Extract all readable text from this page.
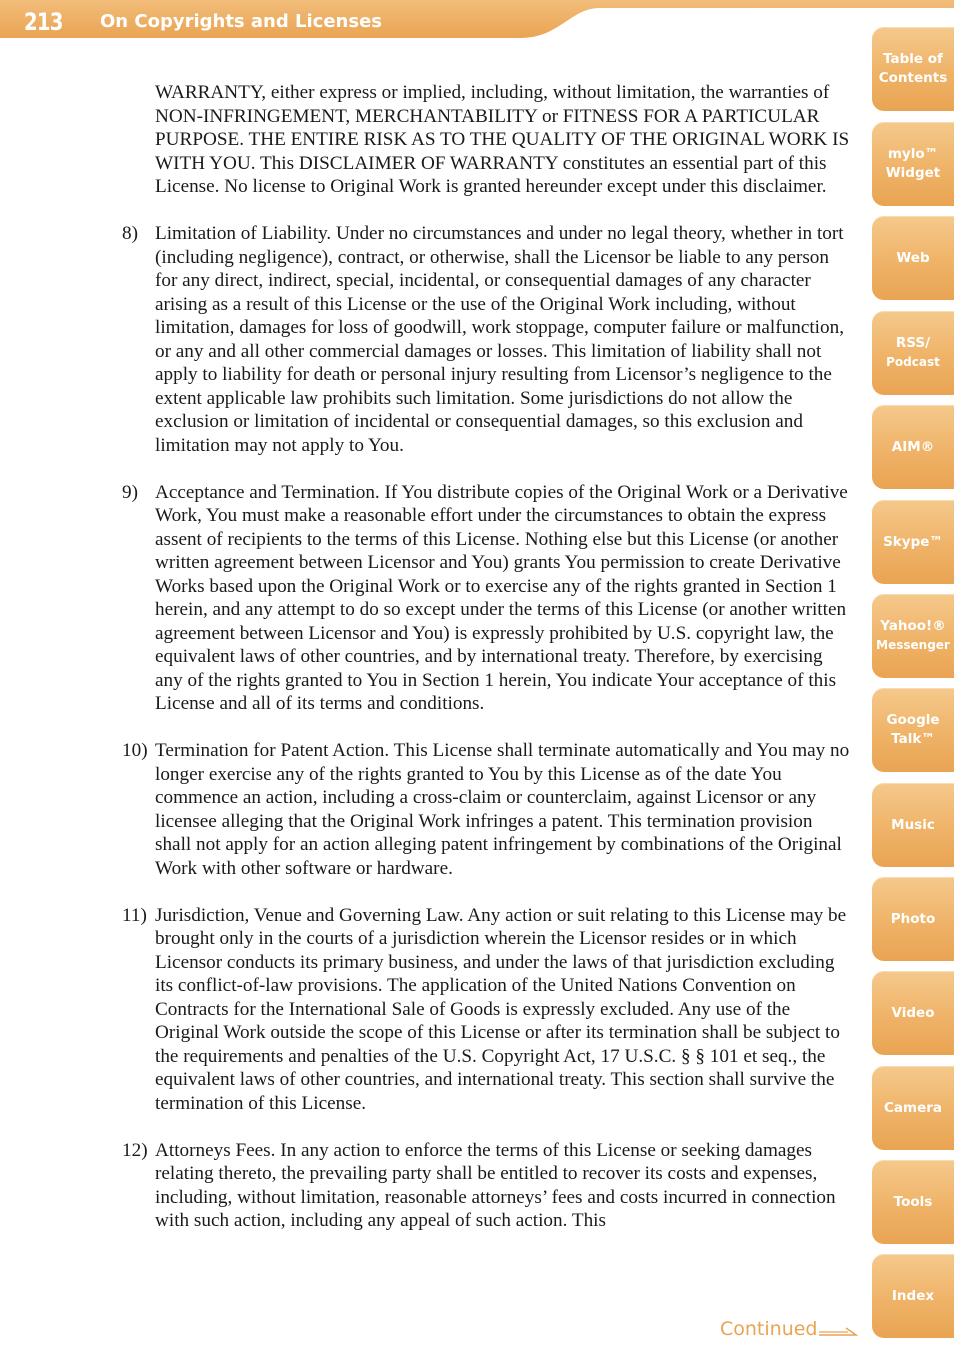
213 On Copyrights and Licenses

WARRANTY, either express or implied, including, without limitation, the warranties of NON-INFRINGEMENT, MERCHANTABILITY or FITNESS FOR A PARTICULAR PURPOSE. THE ENTIRE RISK AS TO THE QUALITY OF THE ORIGINAL WORK IS WITH YOU. This DISCLAIMER OF WARRANTY constitutes an essential part of this License. No license to Original Work is granted hereunder except under this disclaimer.

8) Limitation of Liability. Under no circumstances and under no legal theory, whether in tort (including negligence), contract, or otherwise, shall the Licensor be liable to any person for any direct, indirect, special, incidental, or consequential damages of any character arising as a result of this License or the use of the Original Work including, without limitation, damages for loss of goodwill, work stoppage, computer failure or malfunction, or any and all other commercial damages or losses. This limitation of liability shall not apply to liability for death or personal injury resulting from Licensor’s negligence to the extent applicable law prohibits such limitation. Some jurisdictions do not allow the exclusion or limitation of incidental or consequential damages, so this exclusion and limitation may not apply to You.

9) Acceptance and Termination. If You distribute copies of the Original Work or a Derivative Work, You must make a reasonable effort under the circumstances to obtain the express assent of recipients to the terms of this License. Nothing else but this License (or another written agreement between Licensor and You) grants You permission to create Derivative Works based upon the Original Work or to exercise any of the rights granted in Section 1 herein, and any attempt to do so except under the terms of this License (or another written agreement between Licensor and You) is expressly prohibited by U.S. copyright law, the equivalent laws of other countries, and by international treaty. Therefore, by exercising any of the rights granted to You in Section 1 herein, You indicate Your acceptance of this License and all of its terms and conditions.

10) Termination for Patent Action. This License shall terminate automatically and You may no longer exercise any of the rights granted to You by this License as of the date You commence an action, including a cross-claim or counterclaim, against Licensor or any licensee alleging that the Original Work infringes a patent. This termination provision shall not apply for an action alleging patent infringement by combinations of the Original Work with other software or hardware.

11) Jurisdiction, Venue and Governing Law. Any action or suit relating to this License may be brought only in the courts of a jurisdiction wherein the Licensor resides or in which Licensor conducts its primary business, and under the laws of that jurisdiction excluding its conflict-of-law provisions. The application of the United Nations Convention on Contracts for the International Sale of Goods is expressly excluded. Any use of the Original Work outside the scope of this License or after its termination shall be subject to the requirements and penalties of the U.S. Copyright Act, 17 U.S.C. § § 101 et seq., the equivalent laws of other countries, and international treaty. This section shall survive the termination of this License.

12) Attorneys Fees. In any action to enforce the terms of this License or seeking damages relating thereto, the prevailing party shall be entitled to recover its costs and expenses, including, without limitation, reasonable attorneys’ fees and costs incurred in connection with such action, including any appeal of such action. This

Table of
Contents
mylo™
Widget
Web
RSS/
Podcast
AIM®
Skype™
Yahoo!®
Messenger
Google
Talk™
Music
Photo
Video
Camera
Tools
Index
Continued
